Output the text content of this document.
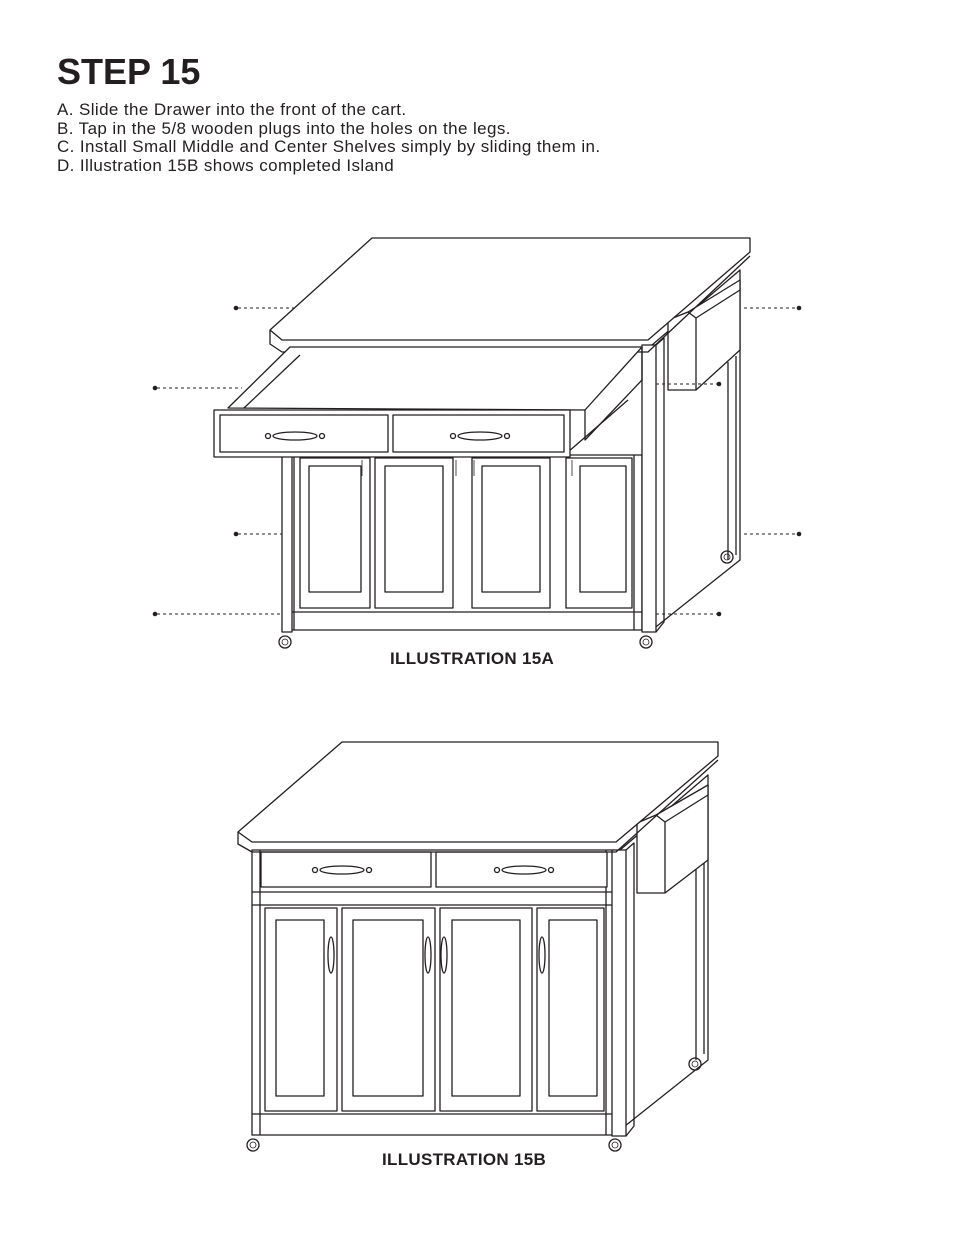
STEP 15
A. Slide the Drawer into the front of the cart.
B. Tap in the 5/8 wooden plugs into the holes on the legs.
C. Install Small Middle and Center Shelves simply by sliding them in.
D. Illustration 15B shows completed Island
ILLUSTRATION 15A
ILLUSTRATION 15B
